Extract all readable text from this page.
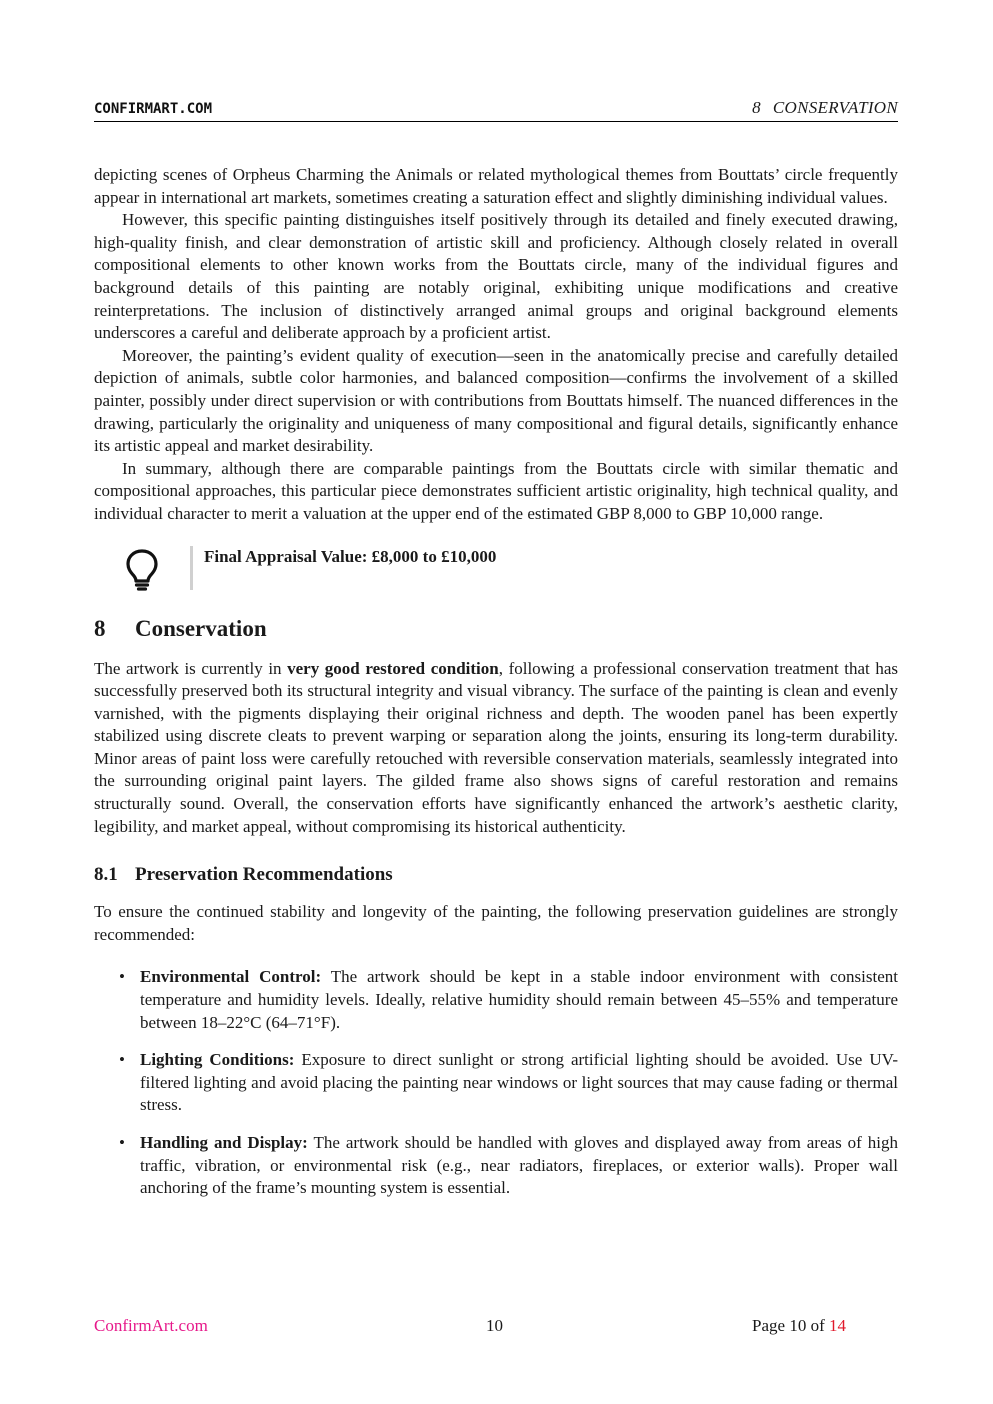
CONFIRMART.COM	8 CONSERVATION

depicting scenes of Orpheus Charming the Animals or related mythological themes from Bouttats’ circle frequently appear in international art markets, sometimes creating a saturation effect and slightly diminishing individual values.

However, this specific painting distinguishes itself positively through its detailed and finely executed drawing, high-quality finish, and clear demonstration of artistic skill and proficiency. Although closely related in overall compositional elements to other known works from the Bouttats circle, many of the individual figures and background details of this painting are notably original, exhibiting unique modifications and creative reinterpretations. The inclusion of distinctively arranged animal groups and original background elements underscores a careful and deliberate approach by a proficient artist.

Moreover, the painting’s evident quality of execution—seen in the anatomically precise and carefully detailed depiction of animals, subtle color harmonies, and balanced composition—confirms the involvement of a skilled painter, possibly under direct supervision or with contributions from Bouttats himself. The nuanced differences in the drawing, particularly the originality and uniqueness of many compositional and figural details, significantly enhance its artistic appeal and market desirability.

In summary, although there are comparable paintings from the Bouttats circle with similar thematic and compositional approaches, this particular piece demonstrates sufficient artistic originality, high technical quality, and individual character to merit a valuation at the upper end of the estimated GBP 8,000 to GBP 10,000 range.

Final Appraisal Value: £8,000 to £10,000
8 Conservation

The artwork is currently in very good restored condition, following a professional conservation treatment that has successfully preserved both its structural integrity and visual vibrancy. The surface of the painting is clean and evenly varnished, with the pigments displaying their original richness and depth. The wooden panel has been expertly stabilized using discrete cleats to prevent warping or separation along the joints, ensuring its long-term durability. Minor areas of paint loss were carefully retouched with reversible conservation materials, seamlessly integrated into the surrounding original paint layers. The gilded frame also shows signs of careful restoration and remains structurally sound. Overall, the conservation efforts have significantly enhanced the artwork’s aesthetic clarity, legibility, and market appeal, without compromising its historical authenticity.

8.1 Preservation Recommendations

To ensure the continued stability and longevity of the painting, the following preservation guidelines are strongly recommended:

• Environmental Control: The artwork should be kept in a stable indoor environment with consistent temperature and humidity levels. Ideally, relative humidity should remain between 45–55% and temperature between 18–22°C (64–71°F).
• Lighting Conditions: Exposure to direct sunlight or strong artificial lighting should be avoided. Use UV-filtered lighting and avoid placing the painting near windows or light sources that may cause fading or thermal stress.
• Handling and Display: The artwork should be handled with gloves and displayed away from areas of high traffic, vibration, or environmental risk (e.g., near radiators, fireplaces, or exterior walls). Proper wall anchoring of the frame’s mounting system is essential.
ConfirmArt.com	10	Page 10 of 14
